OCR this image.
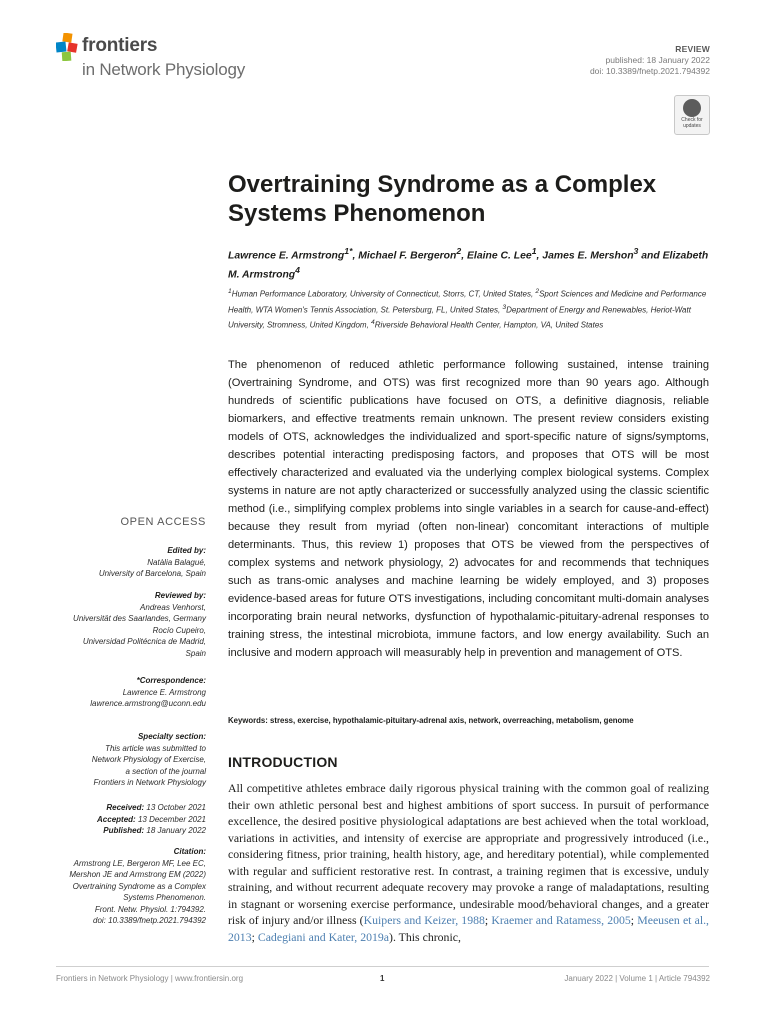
frontiers
in Network Physiology
REVIEW
published: 18 January 2022
doi: 10.3389/fnetp.2021.794392
Check for
updates
Overtraining Syndrome as a Complex Systems Phenomenon
Lawrence E. Armstrong$^{1*}$, Michael F. Bergeron$^2$, Elaine C. Lee$^1$, James E. Mershon$^3$ and Elizabeth M. Armstrong$^4$
$^1$Human Performance Laboratory, University of Connecticut, Storrs, CT, United States, $^2$Sport Sciences and Medicine and Performance Health, WTA Women's Tennis Association, St. Petersburg, FL, United States, $^3$Department of Energy and Renewables, Heriot-Watt University, Stromness, United Kingdom, $^4$Riverside Behavioral Health Center, Hampton, VA, United States

The phenomenon of reduced athletic performance following sustained, intense training (Overtraining Syndrome, and OTS) was first recognized more than 90 years ago. Although hundreds of scientific publications have focused on OTS, a definitive diagnosis, reliable biomarkers, and effective treatments remain unknown. The present review considers existing models of OTS, acknowledges the individualized and sport-specific nature of signs/symptoms, describes potential interacting predisposing factors, and proposes that OTS will be most effectively characterized and evaluated via the underlying complex biological systems. Complex systems in nature are not aptly characterized or successfully analyzed using the classic scientific method (i.e., simplifying complex problems into single variables in a search for cause-and-effect) because they result from myriad (often non-linear) concomitant interactions of multiple determinants. Thus, this review 1) proposes that OTS be viewed from the perspectives of complex systems and network physiology, 2) advocates for and recommends that techniques such as trans-omic analyses and machine learning be widely employed, and 3) proposes evidence-based areas for future OTS investigations, including concomitant multi-domain analyses incorporating brain neural networks, dysfunction of hypothalamic-pituitary-adrenal responses to training stress, the intestinal microbiota, immune factors, and low energy availability. Such an inclusive and modern approach will measurably help in prevention and management of OTS.

Keywords: stress, exercise, hypothalamic-pituitary-adrenal axis, network, overreaching, metabolism, genome
INTRODUCTION

All competitive athletes embrace daily rigorous physical training with the common goal of realizing their own athletic personal best and highest ambitions of sport success. In pursuit of performance excellence, the desired positive physiological adaptations are best achieved when the total workload, variations in activities, and intensity of exercise are appropriate and progressively introduced (i.e., considering fitness, prior training, health history, age, and hereditary potential), while complemented with regular and sufficient restorative rest. In contrast, a training regimen that is excessive, unduly straining, and without recurrent adequate recovery may provoke a range of maladaptations, resulting in stagnant or worsening exercise performance, undesirable mood/behavioral changes, and a greater risk of injury and/or illness (Kuipers and Keizer, 1988; Kraemer and Ratamess, 2005; Meeusen et al., 2013; Cadegiani and Kater, 2019a). This chronic,

OPEN ACCESS
Edited by:
Natàlia Balagué,
University of Barcelona, Spain
Reviewed by:
Andreas Venhorst,
Universität des Saarlandes, Germany
Rocío Cupeiro,
Universidad Politécnica de Madrid,
Spain
*Correspondence:
Lawrence E. Armstrong
lawrence.armstrong@uconn.edu
Specialty section:
This article was submitted to
Network Physiology of Exercise,
a section of the journal
Frontiers in Network Physiology
Received: 13 October 2021
Accepted: 13 December 2021
Published: 18 January 2022
Citation:
Armstrong LE, Bergeron MF, Lee EC,
Mershon JE and Armstrong EM (2022)
Overtraining Syndrome as a Complex
Systems Phenomenon.
Front. Netw. Physiol. 1:794392.
doi: 10.3389/fnetp.2021.794392
Frontiers in Network Physiology | www.frontiersin.org	1	January 2022 | Volume 1 | Article 794392
